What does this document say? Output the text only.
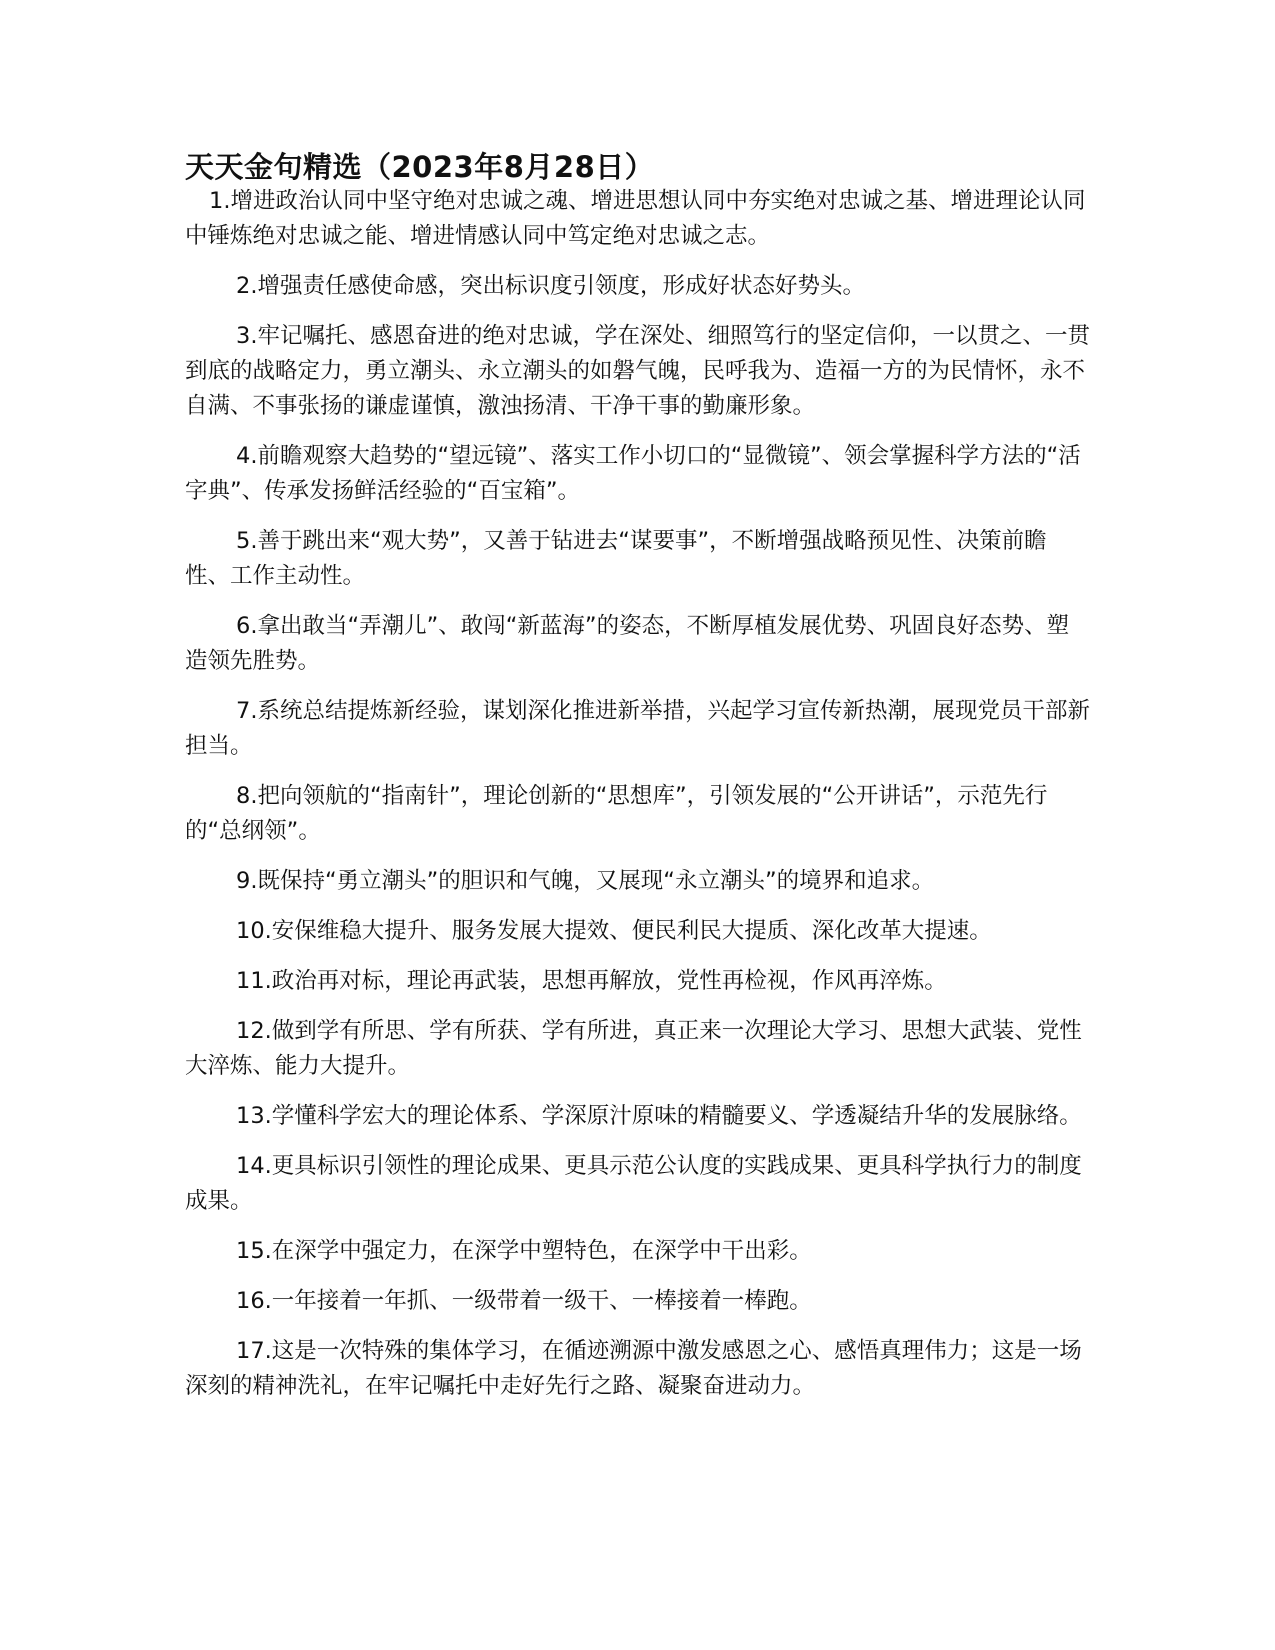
天天金句精选（2023年8月28日）

1.增进政治认同中坚守绝对忠诚之魂、增进思想认同中夯实绝对忠诚之基、增进理论认同中锤炼绝对忠诚之能、增进情感认同中笃定绝对忠诚之志。

2.增强责任感使命感，突出标识度引领度，形成好状态好势头。

3.牢记嘱托、感恩奋进的绝对忠诚，学在深处、细照笃行的坚定信仰，一以贯之、一贯到底的战略定力，勇立潮头、永立潮头的如磐气魄，民呼我为、造福一方的为民情怀，永不自满、不事张扬的谦虚谨慎，激浊扬清、干净干事的勤廉形象。

4.前瞻观察大趋势的“望远镜”、落实工作小切口的“显微镜”、领会掌握科学方法的“活字典”、传承发扬鲜活经验的“百宝箱”。

5.善于跳出来“观大势”，又善于钻进去“谋要事”，不断增强战略预见性、决策前瞻性、工作主动性。

6.拿出敢当“弄潮儿”、敢闯“新蓝海”的姿态，不断厚植发展优势、巩固良好态势、塑造领先胜势。

7.系统总结提炼新经验，谋划深化推进新举措，兴起学习宣传新热潮，展现党员干部新担当。

8.把向领航的“指南针”，理论创新的“思想库”，引领发展的“公开讲话”，示范先行的“总纲领”。

9.既保持“勇立潮头”的胆识和气魄，又展现“永立潮头”的境界和追求。

10.安保维稳大提升、服务发展大提效、便民利民大提质、深化改革大提速。

11.政治再对标，理论再武装，思想再解放，党性再检视，作风再淬炼。

12.做到学有所思、学有所获、学有所进，真正来一次理论大学习、思想大武装、党性大淬炼、能力大提升。

13.学懂科学宏大的理论体系、学深原汁原味的精髓要义、学透凝结升华的发展脉络。

14.更具标识引领性的理论成果、更具示范公认度的实践成果、更具科学执行力的制度成果。

15.在深学中强定力，在深学中塑特色，在深学中干出彩。

16.一年接着一年抓、一级带着一级干、一棒接着一棒跑。

17.这是一次特殊的集体学习，在循迹溯源中激发感恩之心、感悟真理伟力；这是一场深刻的精神洗礼，在牢记嘱托中走好先行之路、凝聚奋进动力。
